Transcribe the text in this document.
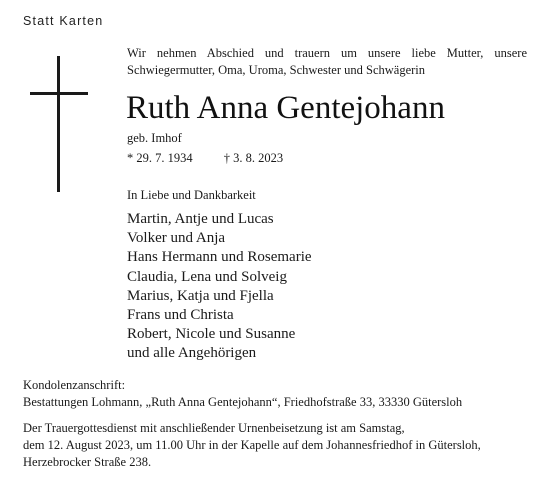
Statt Karten
Wir nehmen Abschied und trauern um unsere liebe Mutter, unsere
Schwiegermutter, Oma, Uroma, Schwester und Schwägerin
Ruth Anna Gentejohann
geb. Imhof
* 29. 7. 1934 † 3. 8. 2023
In Liebe und Dankbarkeit
Martin, Antje und Lucas
Volker und Anja
Hans Hermann und Rosemarie
Claudia, Lena und Solveig
Marius, Katja und Fjella
Frans und Christa
Robert, Nicole und Susanne
und alle Angehörigen
Kondolenzanschrift:
Bestattungen Lohmann, „Ruth Anna Gentejohann“, Friedhofstraße 33, 33330 Gütersloh
Der Trauergottesdienst mit anschließender Urnenbeisetzung ist am Samstag,
dem 12. August 2023, um 11.00 Uhr in der Kapelle auf dem Johannesfriedhof in Gütersloh,
Herzebrocker Straße 238.
